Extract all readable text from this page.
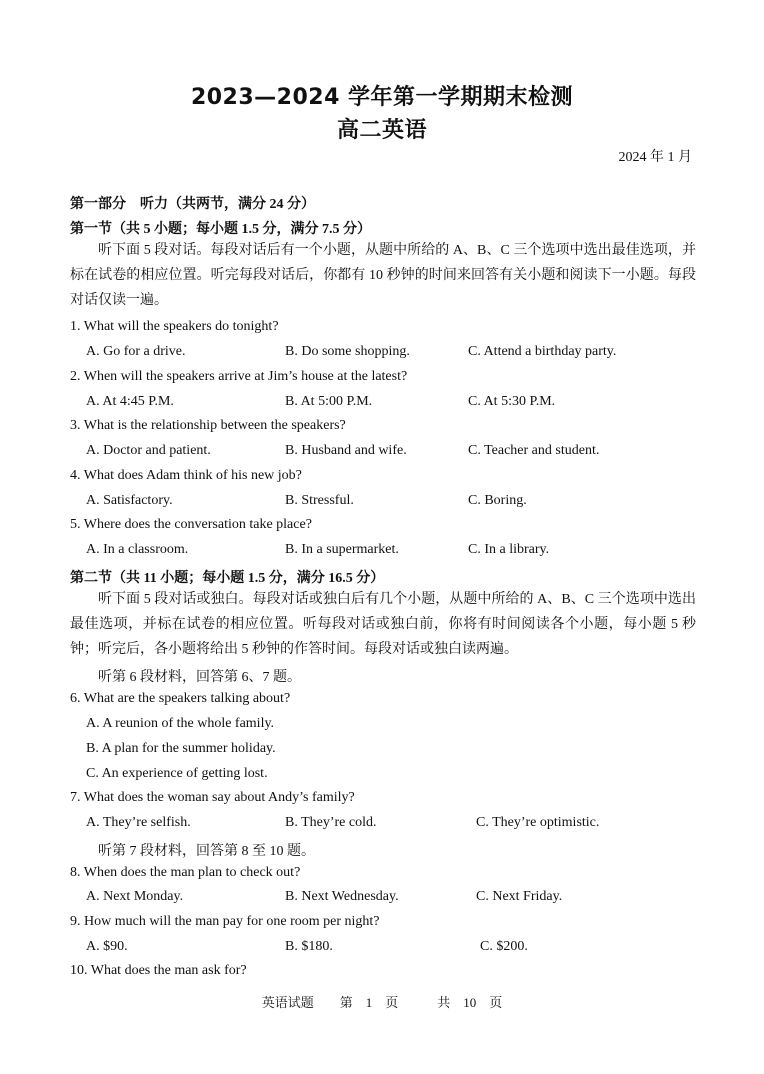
2023—2024 学年第一学期期末检测
高二英语
2024 年 1 月
第一部分　听力（共两节，满分 24 分）
第一节（共 5 小题；每小题 1.5 分，满分 7.5 分）
听下面 5 段对话。每段对话后有一个小题，从题中所给的 A、B、C 三个选项中选出最佳选项，并标在试卷的相应位置。听完每段对话后，你都有 10 秒钟的时间来回答有关小题和阅读下一小题。每段对话仅读一遍。
1. What will the speakers do tonight?
A. Go for a drive.	B. Do some shopping.	C. Attend a birthday party.
2. When will the speakers arrive at Jim’s house at the latest?
A. At 4:45 P.M.	B. At 5:00 P.M.	C. At 5:30 P.M.
3. What is the relationship between the speakers?
A. Doctor and patient.	B. Husband and wife.	C. Teacher and student.
4. What does Adam think of his new job?
A. Satisfactory.	B. Stressful.	C. Boring.
5. Where does the conversation take place?
A. In a classroom.	B. In a supermarket.	C. In a library.
第二节（共 11 小题；每小题 1.5 分，满分 16.5 分）
听下面 5 段对话或独白。每段对话或独白后有几个小题，从题中所给的 A、B、C 三个选项中选出最佳选项，并标在试卷的相应位置。听每段对话或独白前，你将有时间阅读各个小题，每小题 5 秒钟；听完后，各小题将给出 5 秒钟的作答时间。每段对话或独白读两遍。
听第 6 段材料，回答第 6、7 题。
6. What are the speakers talking about?
A. A reunion of the whole family.
B. A plan for the summer holiday.
C. An experience of getting lost.
7. What does the woman say about Andy’s family?
A. They’re selfish.	B. They’re cold.	C. They’re optimistic.
听第 7 段材料，回答第 8 至 10 题。
8. When does the man plan to check out?
A. Next Monday.	B. Next Wednesday.	C. Next Friday.
9. How much will the man pay for one room per night?
A. $90.	B. $180.	C. $200.
10. What does the man ask for?
英语试题　　第　1　页　　　共　10　页
